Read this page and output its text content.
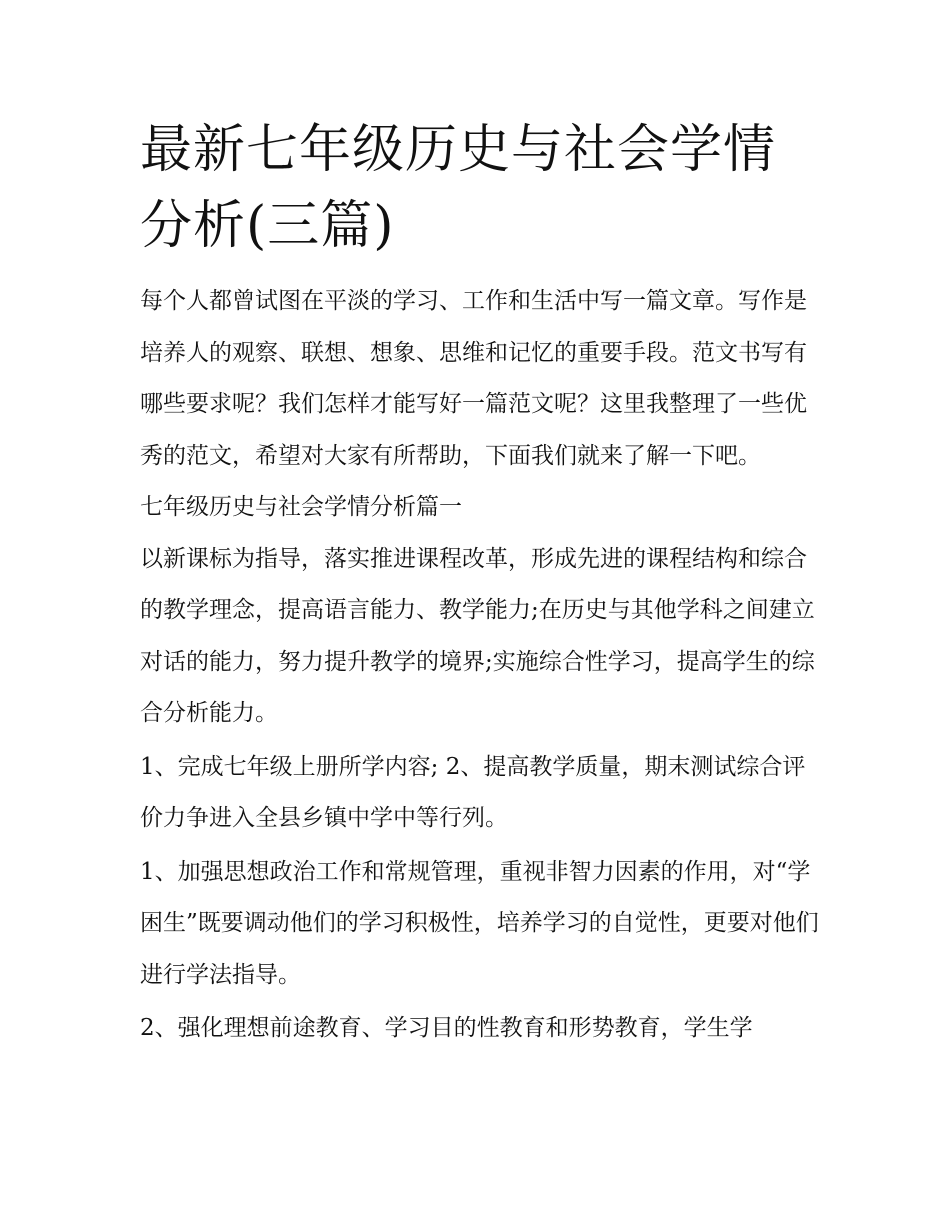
最新七年级历史与社会学情分析(三篇)

每个人都曾试图在平淡的学习、工作和生活中写一篇文章。写作是培养人的观察、联想、想象、思维和记忆的重要手段。范文书写有哪些要求呢？我们怎样才能写好一篇范文呢？这里我整理了一些优秀的范文，希望对大家有所帮助，下面我们就来了解一下吧。

七年级历史与社会学情分析篇一

以新课标为指导，落实推进课程改革，形成先进的课程结构和综合的教学理念，提高语言能力、教学能力;在历史与其他学科之间建立对话的能力，努力提升教学的境界;实施综合性学习，提高学生的综合分析能力。

1、完成七年级上册所学内容; 2、提高教学质量，期末测试综合评价力争进入全县乡镇中学中等行列。

1、加强思想政治工作和常规管理，重视非智力因素的作用，对“学困生”既要调动他们的学习积极性，培养学习的自觉性，更要对他们进行学法指导。

2、强化理想前途教育、学习目的性教育和形势教育，学生学
